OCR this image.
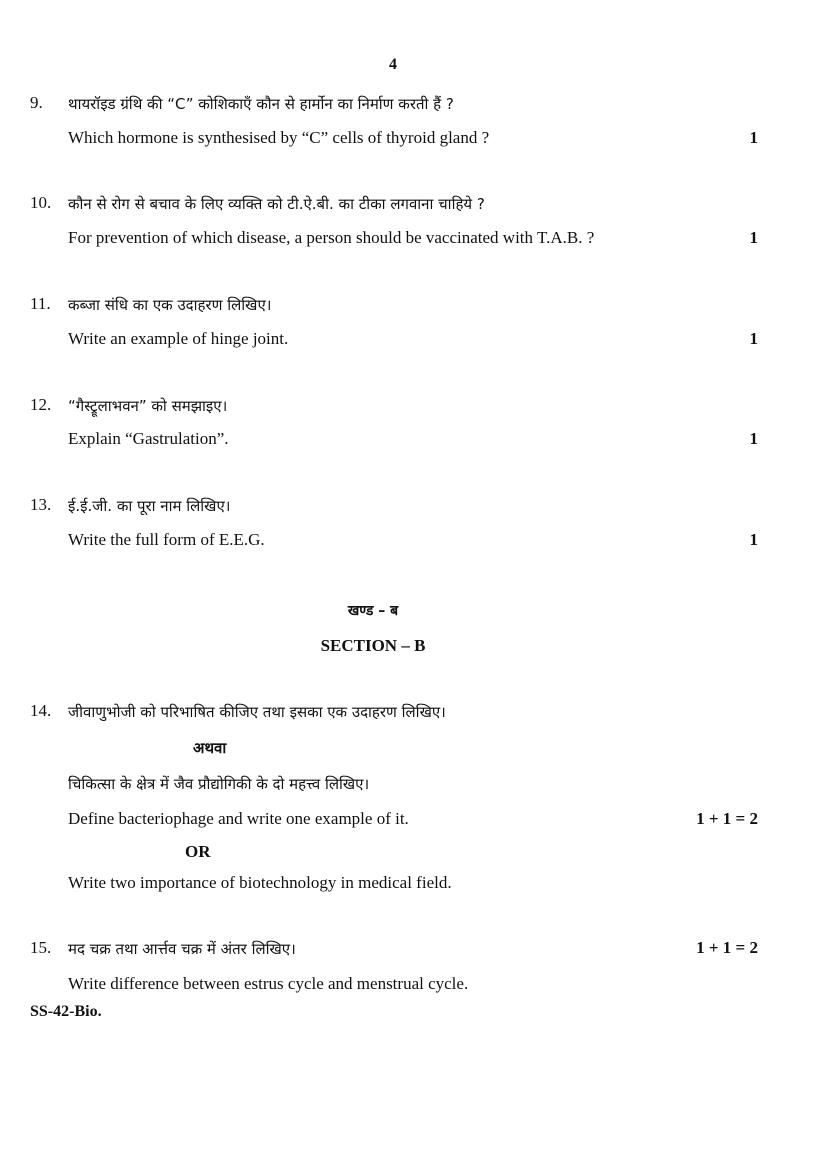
4
9. थायरॉइड ग्रंथि की “C” कोशिकाएँ कौन से हार्मोन का निर्माण करती हैं ?
Which hormone is synthesised by “C” cells of thyroid gland ?	1
10. कौन से रोग से बचाव के लिए व्यक्ति को टी.ऐ.बी. का टीका लगवाना चाहिये ?
For prevention of which disease, a person should be vaccinated with T.A.B. ?	1
11. कब्जा संधि का एक उदाहरण लिखिए।
Write an example of hinge joint.	1
12. “गैस्ट्रूलाभवन” को समझाइए।
Explain “Gastrulation”.	1
13. ई.ई.जी. का पूरा नाम लिखिए।
Write the full form of E.E.G.	1
खण्ड – ब
SECTION – B
14. जीवाणुभोजी को परिभाषित कीजिए तथा इसका एक उदाहरण लिखिए।
अथवा
चिकित्सा के क्षेत्र में जैव प्रौद्योगिकी के दो महत्त्व लिखिए।
Define bacteriophage and write one example of it.	1 + 1 = 2
OR
Write two importance of biotechnology in medical field.
15. मद चक्र तथा आर्त्तव चक्र में अंतर लिखिए।	1 + 1 = 2
Write difference between estrus cycle and menstrual cycle.
SS-42-Bio.
